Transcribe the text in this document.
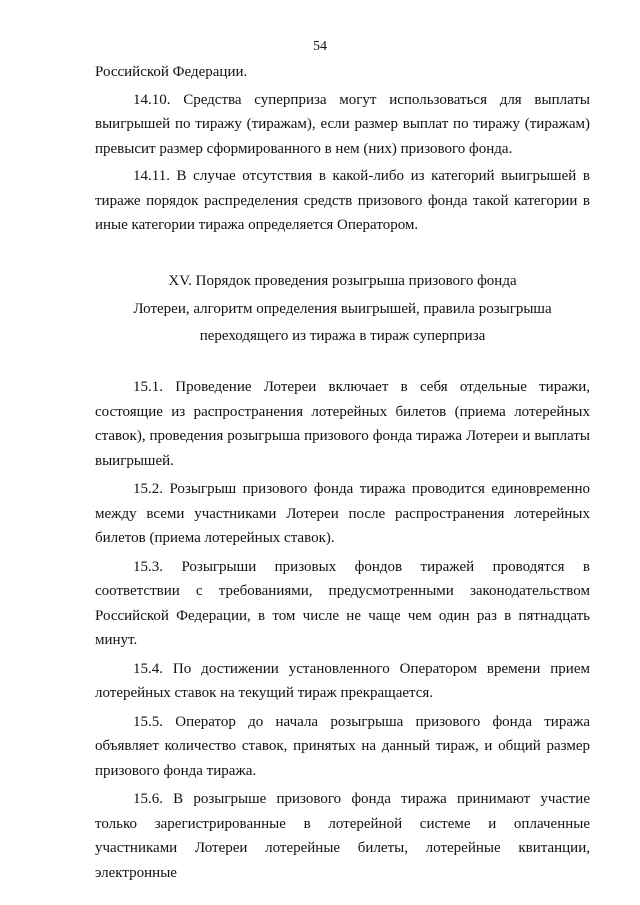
54

Российской Федерации.

14.10. Средства суперприза могут использоваться для выплаты выигрышей по тиражу (тиражам), если размер выплат по тиражу (тиражам) превысит размер сформированного в нем (них) призового фонда.

14.11. В случае отсутствия в какой-либо из категорий выигрышей в тираже порядок распределения средств призового фонда такой категории в иные категории тиража определяется Оператором.

XV. Порядок проведения розыгрыша призового фонда
Лотереи, алгоритм определения выигрышей, правила розыгрыша
переходящего из тиража в тираж суперприза

15.1. Проведение Лотереи включает в себя отдельные тиражи, состоящие из распространения лотерейных билетов (приема лотерейных ставок), проведения розыгрыша призового фонда тиража Лотереи и выплаты выигрышей.

15.2. Розыгрыш призового фонда тиража проводится единовременно между всеми участниками Лотереи после распространения лотерейных билетов (приема лотерейных ставок).

15.3. Розыгрыши призовых фондов тиражей проводятся в соответствии с требованиями, предусмотренными законодательством Российской Федерации, в том числе не чаще чем один раз в пятнадцать минут.

15.4. По достижении установленного Оператором времени прием лотерейных ставок на текущий тираж прекращается.

15.5. Оператор до начала розыгрыша призового фонда тиража объявляет количество ставок, принятых на данный тираж, и общий размер призового фонда тиража.

15.6. В розыгрыше призового фонда тиража принимают участие только зарегистрированные в лотерейной системе и оплаченные участниками Лотереи лотерейные билеты, лотерейные квитанции, электронные
